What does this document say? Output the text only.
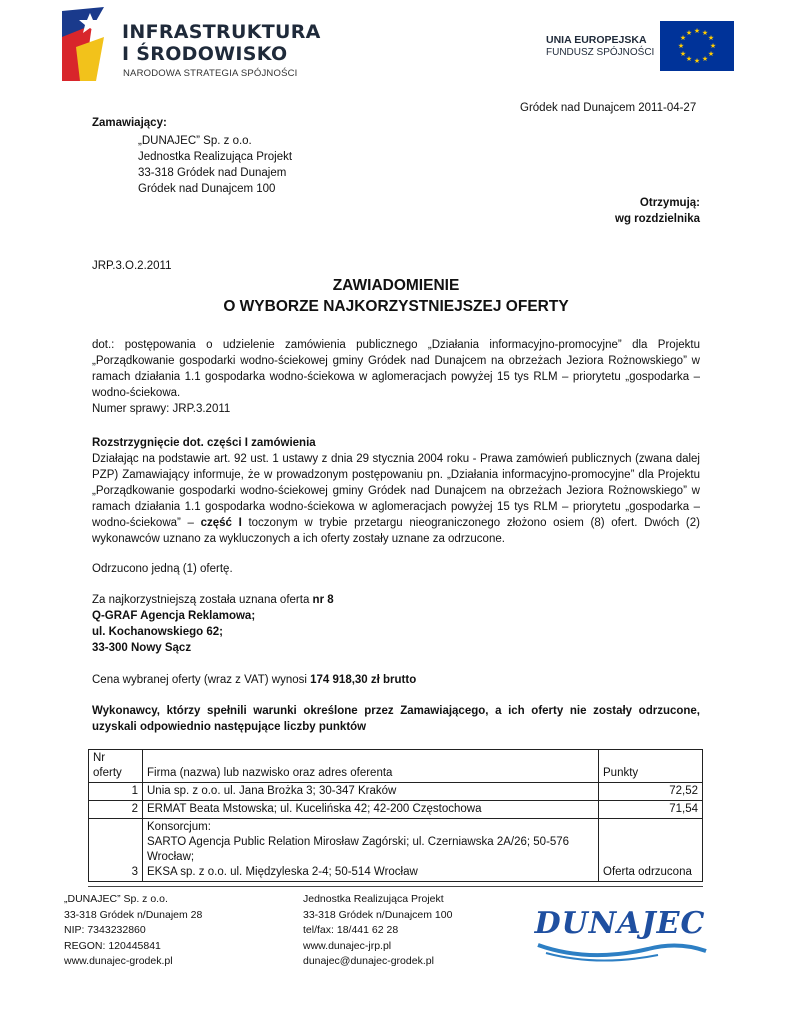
INFRASTRUKTURA
I ŚRODOWISKO
NARODOWA STRATEGIA SPÓJNOŚCI
UNIA EUROPEJSKA
FUNDUSZ SPÓJNOŚCI
★ ★
★
★
★
★
★
★
★
★
★
★
Gródek nad Dunajcem 2011-04-27
Zamawiający:
„DUNAJEC” Sp. z o.o.
Jednostka Realizująca Projekt
33-318 Gródek nad Dunajem
Gródek nad Dunajcem 100
Otrzymują:
wg rozdzielnika
JRP.3.O.2.2011
ZAWIADOMIENIE
O WYBORZE NAJKORZYSTNIEJSZEJ OFERTY
dot.: postępowania o udzielenie zamówienia publicznego „Działania informacyjno-promocyjne” dla Projektu „Porządkowanie gospodarki wodno-ściekowej gminy Gródek nad Dunajcem na obrzeżach Jeziora Rożnowskiego” w ramach działania 1.1 gospodarka wodno-ściekowa w aglomeracjach powyżej 15 tys RLM – priorytetu „gospodarka – wodno-ściekowa.
Numer sprawy: JRP.3.2011
Rozstrzygnięcie dot. części I zamówienia
Działając na podstawie art. 92 ust. 1 ustawy z dnia 29 stycznia 2004 roku - Prawa zamówień publicznych (zwana dalej PZP) Zamawiający informuje, że w prowadzonym postępowaniu pn. „Działania informacyjno-promocyjne” dla Projektu „Porządkowanie gospodarki wodno-ściekowej gminy Gródek nad Dunajcem na obrzeżach Jeziora Rożnowskiego” w ramach działania 1.1 gospodarka wodno-ściekowa w aglomeracjach powyżej 15 tys RLM – priorytetu „gospodarka –wodno-ściekowa” – część I toczonym w trybie przetargu nieograniczonego złożono osiem (8) ofert. Dwóch (2) wykonawców uznano za wykluczonych a ich oferty zostały uznane za odrzucone.
Odrzucono jedną (1) ofertę.
Za najkorzystniejszą została uznana oferta nr 8
Q-GRAF Agencja Reklamowa;
ul. Kochanowskiego 62;
33-300 Nowy Sącz
Cena wybranej oferty (wraz z VAT) wynosi 174 918,30 zł brutto
Wykonawcy, którzy spełnili warunki określone przez Zamawiającego, a ich oferty nie zostały odrzucone, uzyskali odpowiednio następujące liczby punktów
Nr
oferty	Firma (nazwa) lub nazwisko oraz adres oferenta	Punkty
1	Unia sp. z o.o. ul. Jana Brożka 3; 30-347 Kraków	72,52
2	ERMAT Beata Mstowska; ul. Kucelińska 42; 42-200 Częstochowa	71,54
3	Konsorcjum:
SARTO Agencja Public Relation Mirosław Zagórski; ul. Czerniawska 2A/26; 50-576 Wrocław;
EKSA sp. z o.o. ul. Międzyleska 2-4; 50-514 Wrocław	Oferta odrzucona
„DUNAJEC” Sp. z o.o.
33-318 Gródek n/Dunajem 28
NIP: 7343232860
REGON: 120445841
www.dunajec-grodek.pl
Jednostka Realizująca Projekt
33-318 Gródek n/Dunajcem 100
tel/fax: 18/441 62 28
www.dunajec-jrp.pl
dunajec@dunajec-grodek.pl
DUNAJEC
